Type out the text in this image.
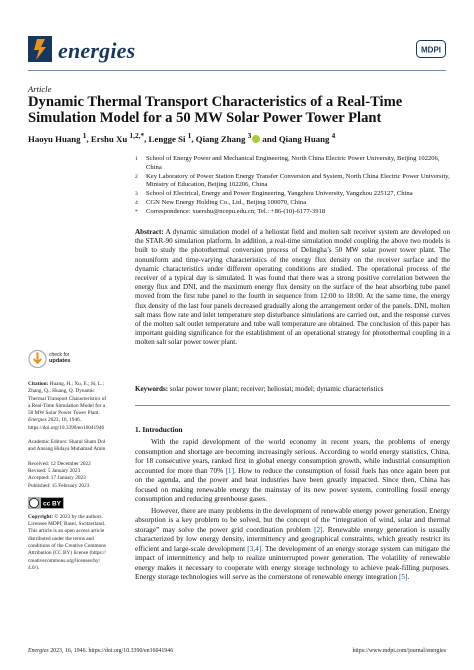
energies	MDPI
Article
Dynamic Thermal Transport Characteristics of a Real-Time Simulation Model for a 50 MW Solar Power Tower Plant
Haoyu Huang $^1$, Ershu Xu $^{1,2,*}$, Lengge Si $^1$, Qiang Zhang $^3$ and Qiang Huang $^4$
1 School of Energy Power and Mechanical Engineering, North China Electric Power University, Beijing 102206, China
2 Key Laboratory of Power Station Energy Transfer Conversion and System, North China Electric Power University, Ministry of Education, Beijing 102206, China
3 School of Electrical, Energy and Power Engineering, Yangzhou University, Yangzhou 225127, China
4 CGN New Energy Holding Co., Ltd., Beijing 100070, China
* Correspondence: xuershu@ncepu.edu.cn; Tel.: +86-(10)-6177-3918
Abstract: A dynamic simulation model of a heliostat field and molten salt receiver system are developed on the STAR-90 simulation platform. In addition, a real-time simulation model coupling the above two models is built to study the photothermal conversion process of Delingha’s 50 MW solar power tower plant. The nonuniform and time-varying characteristics of the energy flux density on the receiver surface and the dynamic characteristics under different operating conditions are studied. The operational process of the receiver of a typical day is simulated. It was found that there was a strong positive correlation between the energy flux and DNI, and the maximum energy flux density on the surface of the heat absorbing tube panel moved from the first tube panel to the fourth in sequence from 12:00 to 18:00. At the same time, the energy flux density of the last four panels decreased gradually along the arrangement order of the panels. DNI, molten salt mass flow rate and inlet temperature step disturbance simulations are carried out, and the response curves of the molten salt outlet temperature and tube wall temperature are obtained. The conclusion of this paper has important guiding significance for the establishment of an operational strategy for photothermal coupling in a molten salt solar power tower plant.
Keywords: solar power tower plant; receiver; heliostat; model; dynamic characteristics
check for
updates
Citation: Huang, H.; Xu, E.; Si, L.; Zhang, Q.; Huang, Q. Dynamic Thermal Transport Characteristics of a Real-Time Simulation Model for a 50 MW Solar Power Tower Plant. Energies 2023, 16, 1946. https://doi.org/10.3390/en16041946
Academic Editors: Sharul Sham Dol and Ansang Hidaya Muhamad Amin
Received: 12 December 2022
Revised: 5 January 2023
Accepted: 17 January 2023
Published: 15 February 2023
cc BY
Copyright: © 2023 by the authors. Licensee MDPI, Basel, Switzerland. This article is an open access article distributed under the terms and conditions of the Creative Commons Attribution (CC BY) license (https:// creativecommons.org/licenses/by/ 4.0/).
1. Introduction

With the rapid development of the world economy in recent years, the problems of energy consumption and shortage are becoming increasingly serious. According to world energy statistics, China, for 18 consecutive years, ranked first in global energy consumption growth, while industrial consumption accounted for more than 70% [1]. How to reduce the consumption of fossil fuels has once again been put on the agenda, and the power and heat industries have been greatly impacted. Since then, China has focused on making renewable energy the mainstay of its new power system, controlling fossil energy consumption and reducing greenhouse gases.

However, there are many problems in the development of renewable energy power generation. Energy absorption is a key problem to be solved, but the concept of the “integration of wind, solar and thermal storage” may solve the power grid coordination problem [2]. Renewable energy generation is usually characterized by low energy density, intermittency and geographical constraints, which greatly restrict its efficient and large-scale development [3,4]. The development of an energy storage system can mitigate the impact of intermittency and help to realize uninterrupted power generation. The volatility of renewable energy makes it necessary to cooperate with energy storage technology to achieve peak-filling purposes. Energy storage technologies will serve as the cornerstone of renewable energy integration [5].

Energies 2023, 16, 1946. https://doi.org/10.3390/en16041946	https://www.mdpi.com/journal/energies
